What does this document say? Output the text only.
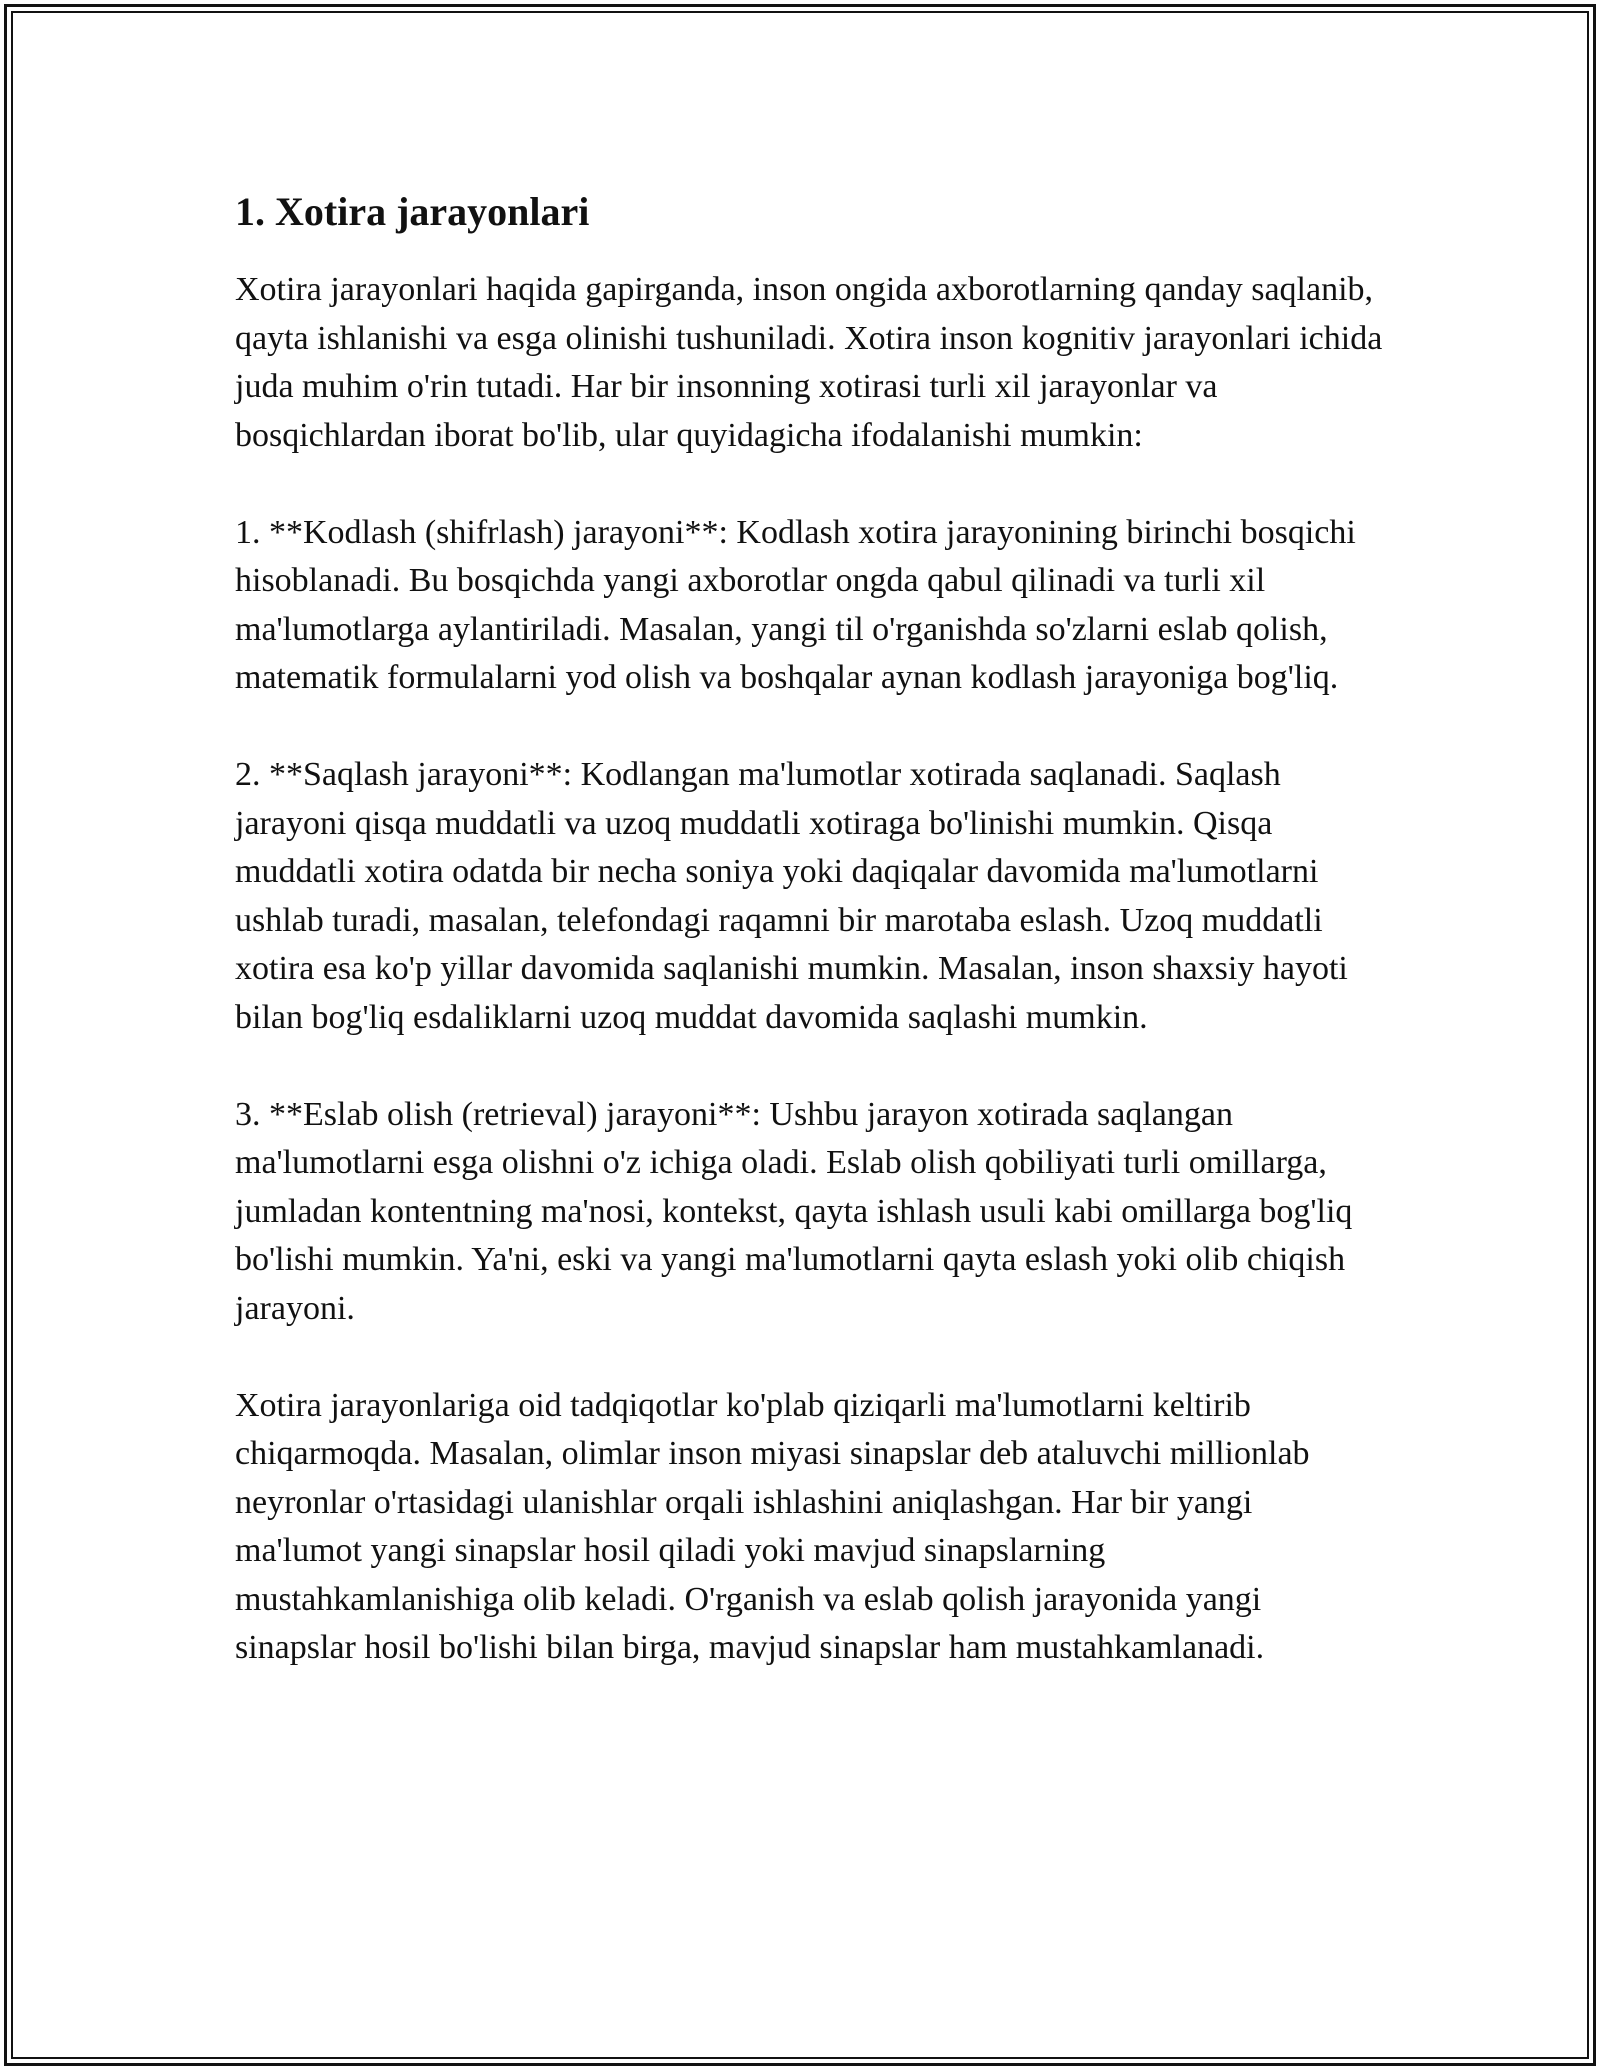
1. Xotira jarayonlari

Xotira jarayonlari haqida gapirganda, inson ongida axborotlarning qanday saqlanib, qayta ishlanishi va esga olinishi tushuniladi. Xotira inson kognitiv jarayonlari ichida juda muhim o'rin tutadi. Har bir insonning xotirasi turli xil jarayonlar va bosqichlardan iborat bo'lib, ular quyidagicha ifodalanishi mumkin:

1. **Kodlash (shifrlash) jarayoni**: Kodlash xotira jarayonining birinchi bosqichi hisoblanadi. Bu bosqichda yangi axborotlar ongda qabul qilinadi va turli xil ma'lumotlarga aylantiriladi. Masalan, yangi til o'rganishda so'zlarni eslab qolish, matematik formulalarni yod olish va boshqalar aynan kodlash jarayoniga bog'liq.

2. **Saqlash jarayoni**: Kodlangan ma'lumotlar xotirada saqlanadi. Saqlash jarayoni qisqa muddatli va uzoq muddatli xotiraga bo'linishi mumkin. Qisqa muddatli xotira odatda bir necha soniya yoki daqiqalar davomida ma'lumotlarni ushlab turadi, masalan, telefondagi raqamni bir marotaba eslash. Uzoq muddatli xotira esa ko'p yillar davomida saqlanishi mumkin. Masalan, inson shaxsiy hayoti bilan bog'liq esdaliklarni uzoq muddat davomida saqlashi mumkin.

3. **Eslab olish (retrieval) jarayoni**: Ushbu jarayon xotirada saqlangan ma'lumotlarni esga olishni o'z ichiga oladi. Eslab olish qobiliyati turli omillarga, jumladan kontentning ma'nosi, kontekst, qayta ishlash usuli kabi omillarga bog'liq bo'lishi mumkin. Ya'ni, eski va yangi ma'lumotlarni qayta eslash yoki olib chiqish jarayoni.

Xotira jarayonlariga oid tadqiqotlar ko'plab qiziqarli ma'lumotlarni keltirib chiqarmoqda. Masalan, olimlar inson miyasi sinapslar deb ataluvchi millionlab neyronlar o'rtasidagi ulanishlar orqali ishlashini aniqlashgan. Har bir yangi ma'lumot yangi sinapslar hosil qiladi yoki mavjud sinapslarning mustahkamlanishiga olib keladi. O'rganish va eslab qolish jarayonida yangi sinapslar hosil bo'lishi bilan birga, mavjud sinapslar ham mustahkamlanadi.
